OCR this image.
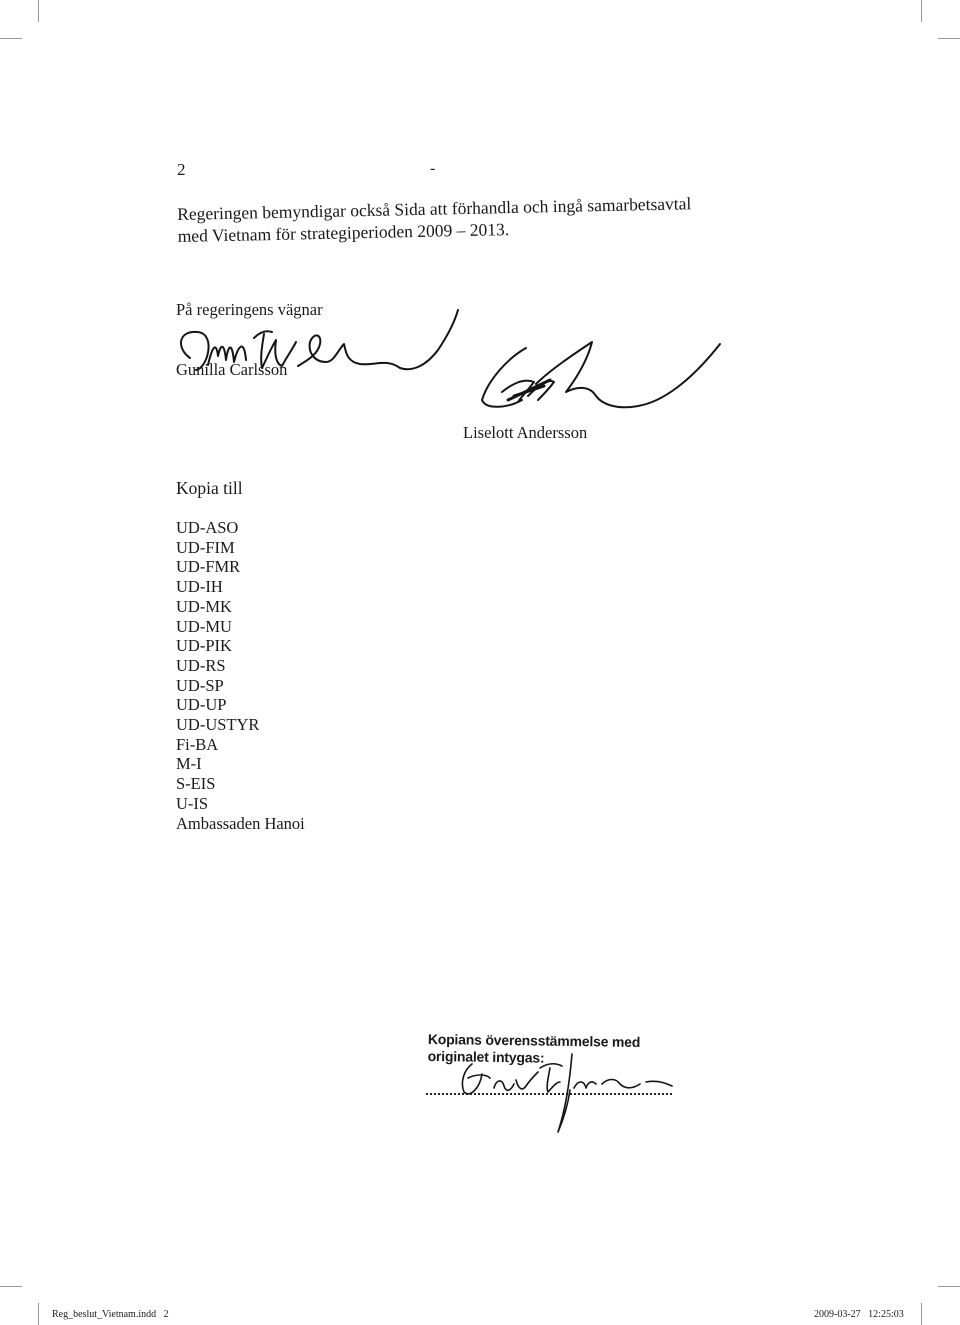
2	-
Regeringen bemyndigar också Sida att förhandla och ingå samarbetsavtal
med Vietnam för strategiperioden 2009 – 2013.
På regeringens vägnar
Gunilla Carlsson
Liselott Andersson
Kopia till
UD-ASO
UD-FIM
UD-FMR
UD-IH
UD-MK
UD-MU
UD-PIK
UD-RS
UD-SP
UD-UP
UD-USTYR
Fi-BA
M-I
S-EIS
U-IS
Ambassaden Hanoi
Kopians överensstämmelse med
originalet intygas:
Reg_beslut_Vietnam.indd   2	2009-03-27   12:25:03
